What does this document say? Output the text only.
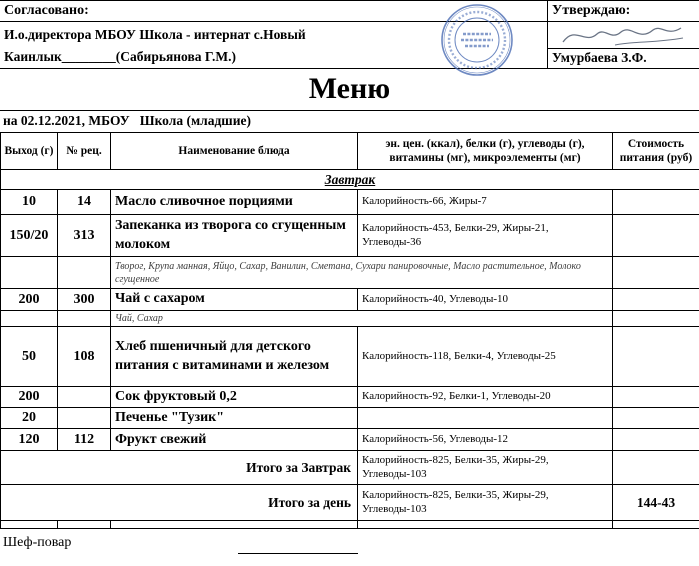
Согласовано:
И.о.директора МБОУ Школа - интернат с.Новый
Каинлык________(Сабирьянова Г.М.)
Утверждаю:
Умурбаева З.Ф.
Меню
на 02.12.2021, МБОУ   Школа (младшие)
Выход (г)	№ рец.	Наименование блюда	эн. цен. (ккал), белки (г), углеводы (г), витамины (мг), микроэлементы (мг)	Стоимость питания (руб)
Завтрак				
10	14	Масло сливочное порциями	Калорийность-66, Жиры-7	
150/20	313	Запеканка из творога со сгущенным молоком	Калорийность-453, Белки-29, Жиры-21, Углеводы-36	
		Творог, Крупа манная, Яйцо, Сахар, Ванилин, Сметана, Сухари панировочные, Масло растительное, Молоко сгущенное		
200	300	Чай с сахаром	Калорийность-40, Углеводы-10	
		Чай, Сахар		
50	108	Хлеб пшеничный для детского питания с витаминами и железом	Калорийность-118, Белки-4, Углеводы-25	
200		Сок фруктовый 0,2	Калорийность-92, Белки-1, Углеводы-20	
20		Печенье "Тузик"		
120	112	Фрукт свежий	Калорийность-56, Углеводы-12	
Итого за Завтрак			Калорийность-825, Белки-35, Жиры-29, Углеводы-103	
Итого за день			Калорийность-825, Белки-35, Жиры-29, Углеводы-103	144-43

Шеф-повар
